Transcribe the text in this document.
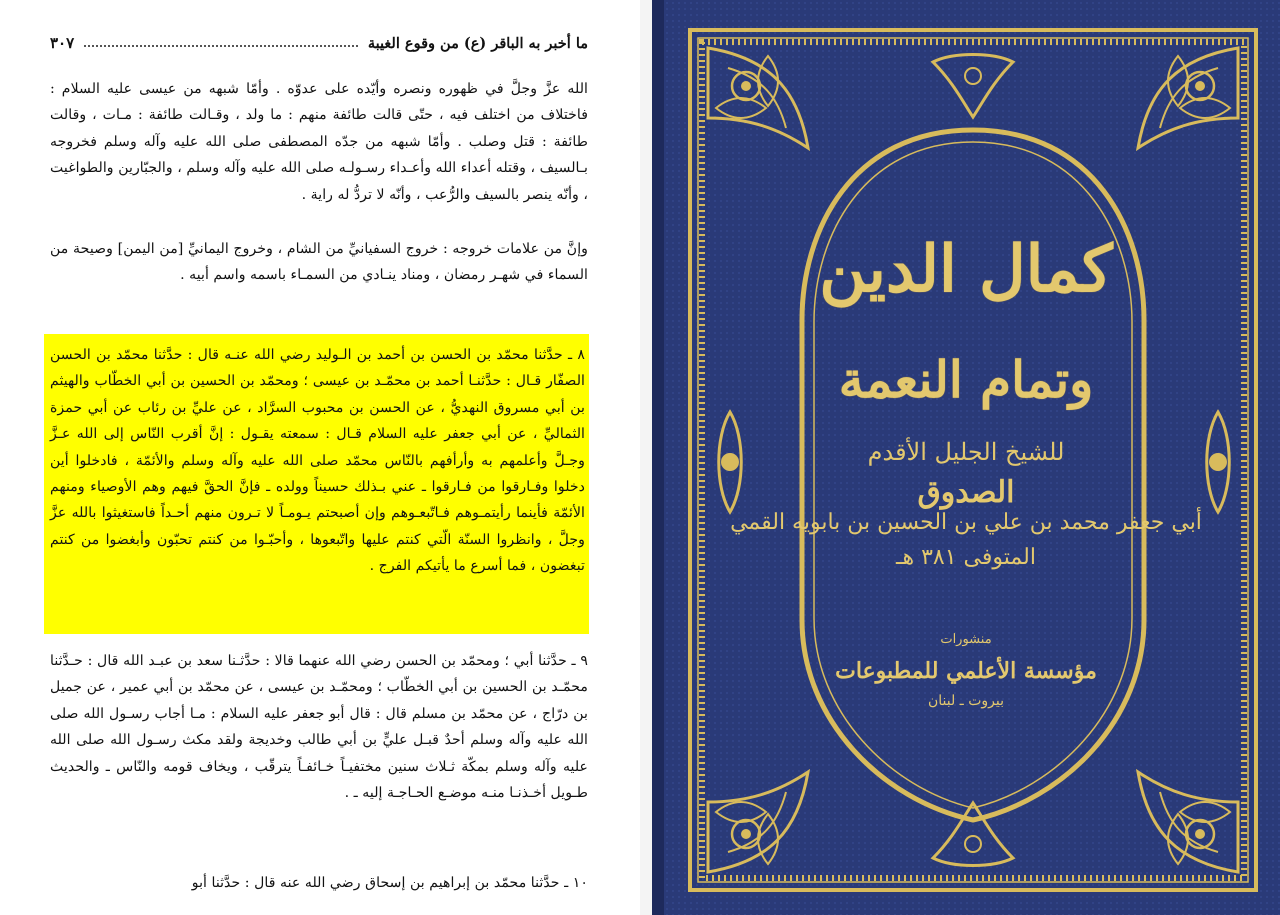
ما أخبر به الباقر (ع) من وقوع الغيبة
٣٠٧

الله عزَّ وجلَّ في ظهوره ونصره وأيّده على عدوّه . وأمّا شبهه من عيسى عليه السلام : فاختلاف من اختلف فيه ، حتّى قالت طائفة منهم : ما ولد ، وقـالت طائفة : مـات ، وقالت طائفة : قتل وصلب . وأمّا شبهه من جدّه المصطفى صلى الله عليه وآله وسلم فخروجه بـالسيف ، وقتله أعداء الله وأعـداء رسـولـه صلى الله عليه وآله وسلم ، والجبّارين والطواغيت ، وأنّه ينصر بالسيف والرُّعب ، وأنّه لا تردُّ له راية .

وإنَّ من علامات خروجه : خروج السفيانيِّ من الشام ، وخروج اليمانيِّ [من اليمن] وصيحة من السماء في شهـر رمضان ، ومناد ينـادي من السمـاء باسمه واسم أبيه .

٨ ـ حدَّثنا محمّد بن الحسن بن أحمد بن الـوليد رضي الله عنـه قال : حدَّثنا محمّد بن الحسن الصفّار قـال : حدَّثنـا أحمد بن محمّـد بن عيسى ؛ ومحمّد بن الحسين بن أبي الخطّاب والهيثم بن أبي مسروق النهديُّ ، عن الحسن بن محبوب السرَّاد ، عن عليِّ بن رئاب عن أبي حمزة الثماليِّ ، عن أبي جعفر عليه السلام قـال : سمعته يقـول : إنَّ أقرب النّاس إلى الله عـزَّ وجـلَّ وأعلمهم به وأرأفهم بالنّاس محمّد صلى الله عليه وآله وسلم والأئمّة ، فادخلوا أين دخلوا وفـارقوا من فـارقوا ـ عني بـذلك حسيناً وولده ـ فإنَّ الحقَّ فيهم وهم الأوصياء ومنهم الأئمّة فأينما رأيتمـوهم فـاتّبعـوهم وإن أصبحتم يـومـاً لا تـرون منهم أحـداً فاستغيثوا بالله عزَّ وجلَّ ، وانظروا السنّة الّتي كنتم عليها واتّبعوها ، وأحبّـوا من كنتم تحبّون وأبغضوا من كنتم تبغضون ، فما أسرع ما يأتيكم الفرج .

٩ ـ حدَّثنا أبي ؛ ومحمّد بن الحسن رضي الله عنهما قالا : حدَّثـنا سعد بن عبـد الله قال : حـدَّثنا محمّـد بن الحسين بن أبي الخطّاب ؛ ومحمّـد بن عيسى ، عن محمّد بن أبي عمير ، عن جميل بن درّاج ، عن محمّد بن مسلم قال : قال أبو جعفر عليه السلام : مـا أجاب رسـول الله صلى الله عليه وآله وسلم أحدٌ قبـل عليٍّ بن أبي طالب وخديجة ولقد مكث رسـول الله صلى الله عليه وآله وسلم بمكّة ثـلاث سنين مختفيـاً خـائفـاً يترقّب ، ويخاف قومه والنّاس ـ والحديث طـويل أخـذنـا منـه موضـع الحـاجـة إليه ـ .

١٠ ـ حدَّثنا محمّد بن إبراهيم بن إسحاق رضي الله عنه قال : حدَّثنا أبو

كمال الدين
وتمام النعمة
للشيخ الجليل الأقدم
الصدوق
أبي جعفر محمد بن علي بن الحسين بن بابويه القمي
المتوفى ٣٨١ هـ
منشورات
مؤسسة الأعلمي للمطبوعات
بيروت ـ لبنان
